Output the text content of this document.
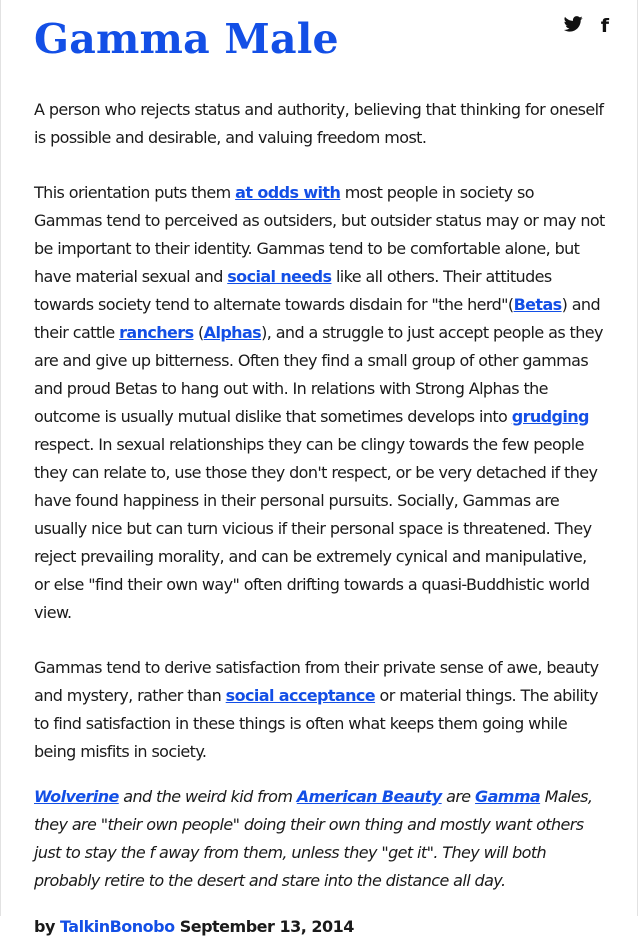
Gamma Male	f

A person who rejects status and authority, believing that thinking for oneself is possible and desirable, and valuing freedom most.

This orientation puts them at odds with most people in society so Gammas tend to perceived as outsiders, but outsider status may or may not be important to their identity. Gammas tend to be comfortable alone, but have material sexual and social needs like all others. Their attitudes towards society tend to alternate towards disdain for "the herd"(Betas) and their cattle ranchers (Alphas), and a struggle to just accept people as they are and give up bitterness. Often they find a small group of other gammas and proud Betas to hang out with. In relations with Strong Alphas the outcome is usually mutual dislike that sometimes develops into grudging respect. In sexual relationships they can be clingy towards the few people they can relate to, use those they don't respect, or be very detached if they have found happiness in their personal pursuits. Socially, Gammas are usually nice but can turn vicious if their personal space is threatened. They reject prevailing morality, and can be extremely cynical and manipulative, or else "find their own way" often drifting towards a quasi-Buddhistic world view.

Gammas tend to derive satisfaction from their private sense of awe, beauty and mystery, rather than social acceptance or material things. The ability to find satisfaction in these things is often what keeps them going while being misfits in society.

Wolverine and the weird kid from American Beauty are Gamma Males, they are "their own people" doing their own thing and mostly want others just to stay the f away from them, unless they "get it". They will both probably retire to the desert and stare into the distance all day.
by TalkinBonobo September 13, 2014
